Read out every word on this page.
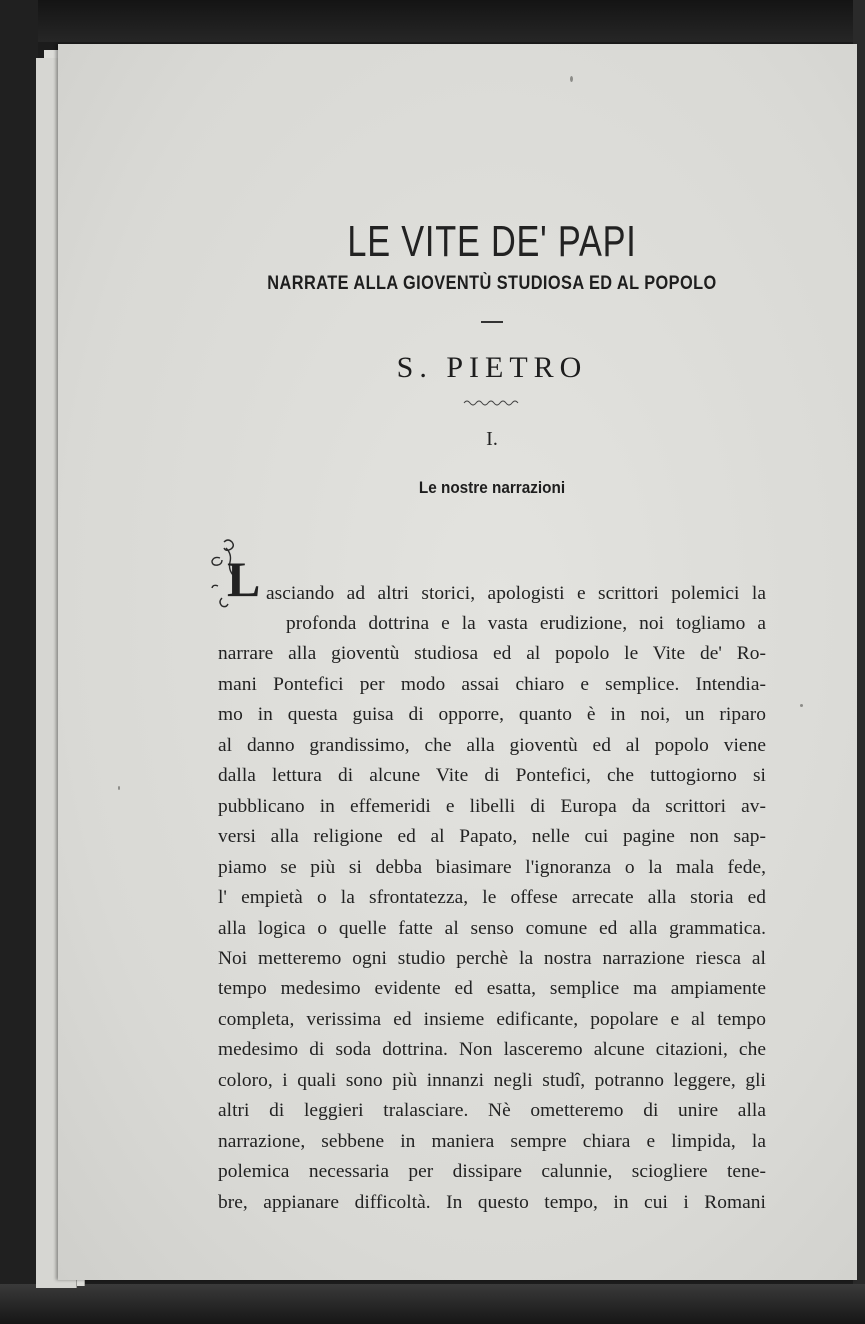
LE VITE DE' PAPI
NARRATE ALLA GIOVENTÙ STUDIOSA ED AL POPOLO
S. PIETRO
I.
Le nostre narrazioni
L asciando ad altri storici, apologisti e scrittori polemici la
profonda dottrina e la vasta erudizione, noi togliamo a
narrare alla gioventù studiosa ed al popolo le Vite de' Ro-
mani Pontefici per modo assai chiaro e semplice. Intendia-
mo in questa guisa di opporre, quanto è in noi, un riparo
al danno grandissimo, che alla gioventù ed al popolo viene
dalla lettura di alcune Vite di Pontefici, che tuttogiorno si
pubblicano in effemeridi e libelli di Europa da scrittori av-
versi alla religione ed al Papato, nelle cui pagine non sap-
piamo se più si debba biasimare l'ignoranza o la mala fede,
l' empietà o la sfrontatezza, le offese arrecate alla storia ed
alla logica o quelle fatte al senso comune ed alla grammatica.
Noi metteremo ogni studio perchè la nostra narrazione riesca al
tempo medesimo evidente ed esatta, semplice ma ampiamente
completa, verissima ed insieme edificante, popolare e al tempo
medesimo di soda dottrina. Non lasceremo alcune citazioni, che
coloro, i quali sono più innanzi negli studî, potranno leggere, gli
altri di leggieri tralasciare. Nè ometteremo di unire alla
narrazione, sebbene in maniera sempre chiara e limpida, la
polemica necessaria per dissipare calunnie, sciogliere tene-
bre, appianare difficoltà. In questo tempo, in cui i Romani
